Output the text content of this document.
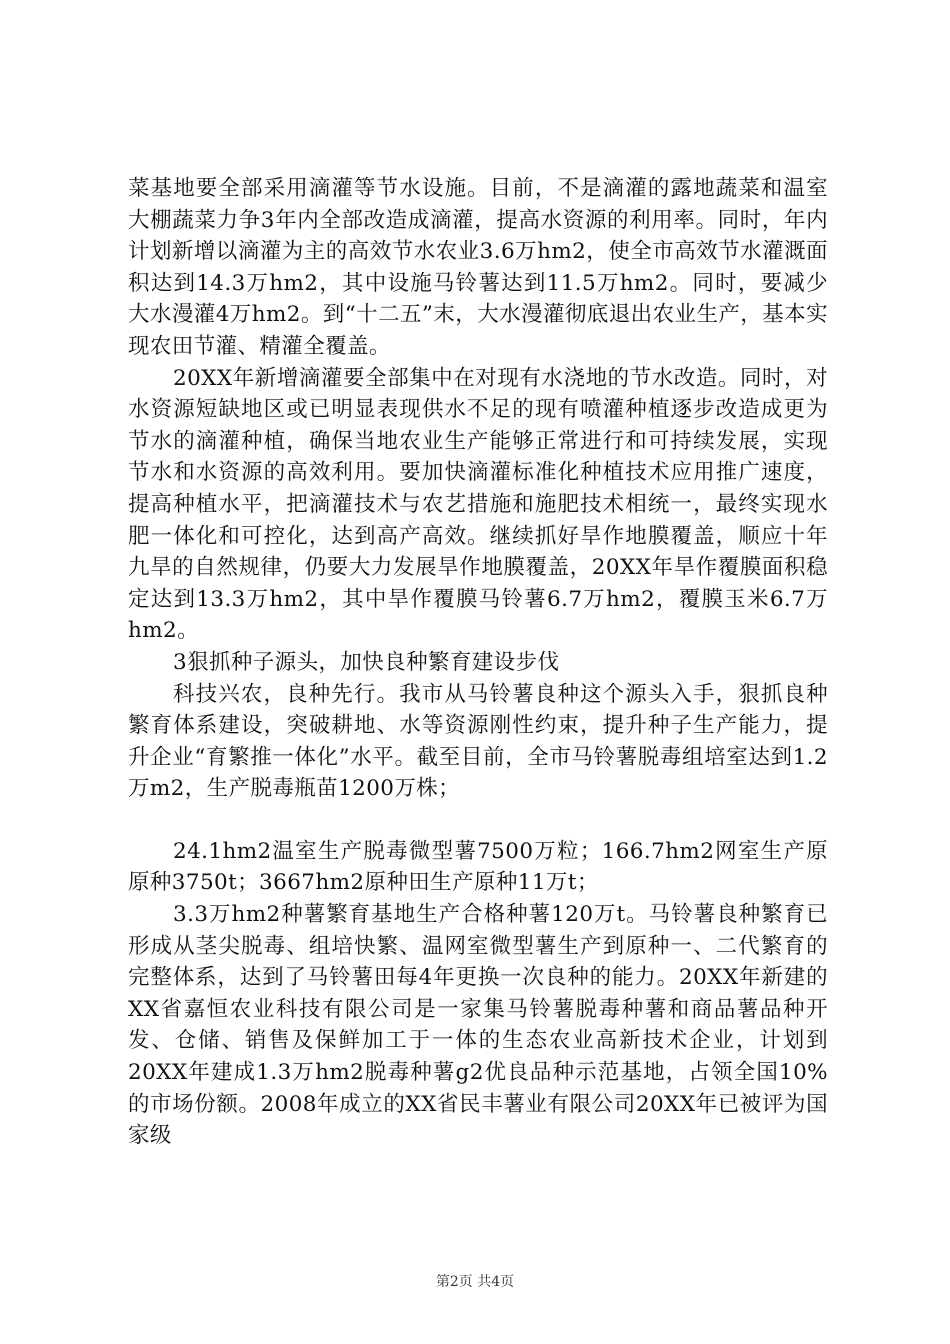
菜基地要全部采用滴灌等节水设施。目前，不是滴灌的露地蔬菜和温室大棚蔬菜力争3年内全部改造成滴灌，提高水资源的利用率。同时，年内计划新增以滴灌为主的高效节水农业3.6万hm2，使全市高效节水灌溉面积达到14.3万hm2，其中设施马铃薯达到11.5万hm2。同时，要减少大水漫灌4万hm2。到“十二五”末，大水漫灌彻底退出农业生产，基本实现农田节灌、精灌全覆盖。

20XX年新增滴灌要全部集中在对现有水浇地的节水改造。同时，对水资源短缺地区或已明显表现供水不足的现有喷灌种植逐步改造成更为节水的滴灌种植，确保当地农业生产能够正常进行和可持续发展，实现节水和水资源的高效利用。要加快滴灌标准化种植技术应用推广速度，提高种植水平，把滴灌技术与农艺措施和施肥技术相统一，最终实现水肥一体化和可控化，达到高产高效。继续抓好旱作地膜覆盖，顺应十年九旱的自然规律，仍要大力发展旱作地膜覆盖，20XX年旱作覆膜面积稳定达到13.3万hm2，其中旱作覆膜马铃薯6.7万hm2，覆膜玉米6.7万hm2。

3狠抓种子源头，加快良种繁育建设步伐

科技兴农，良种先行。我市从马铃薯良种这个源头入手，狠抓良种繁育体系建设，突破耕地、水等资源刚性约束，提升种子生产能力，提升企业“育繁推一体化”水平。截至目前，全市马铃薯脱毒组培室达到1.2万m2，生产脱毒瓶苗1200万株；

24.1hm2温室生产脱毒微型薯7500万粒；166.7hm2网室生产原原种3750t；3667hm2原种田生产原种11万t；

3.3万hm2种薯繁育基地生产合格种薯120万t。马铃薯良种繁育已形成从茎尖脱毒、组培快繁、温网室微型薯生产到原种一、二代繁育的完整体系，达到了马铃薯田每4年更换一次良种的能力。20XX年新建的XX省嘉恒农业科技有限公司是一家集马铃薯脱毒种薯和商品薯品种开发、仓储、销售及保鲜加工于一体的生态农业高新技术企业，计划到20XX年建成1.3万hm2脱毒种薯g2优良品种示范基地，占领全国10%的市场份额。2008年成立的XX省民丰薯业有限公司20XX年已被评为国家级

第2页 共4页
